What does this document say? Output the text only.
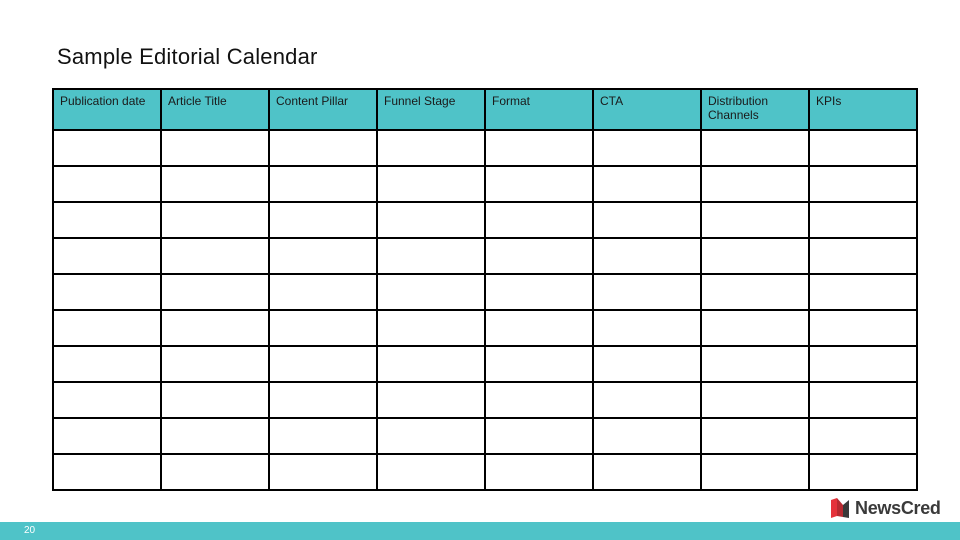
Sample Editorial Calendar
Publication date	Article Title	Content Pillar	Funnel Stage	Format	CTA	Distribution Channels	KPIs

NewsCred
20
